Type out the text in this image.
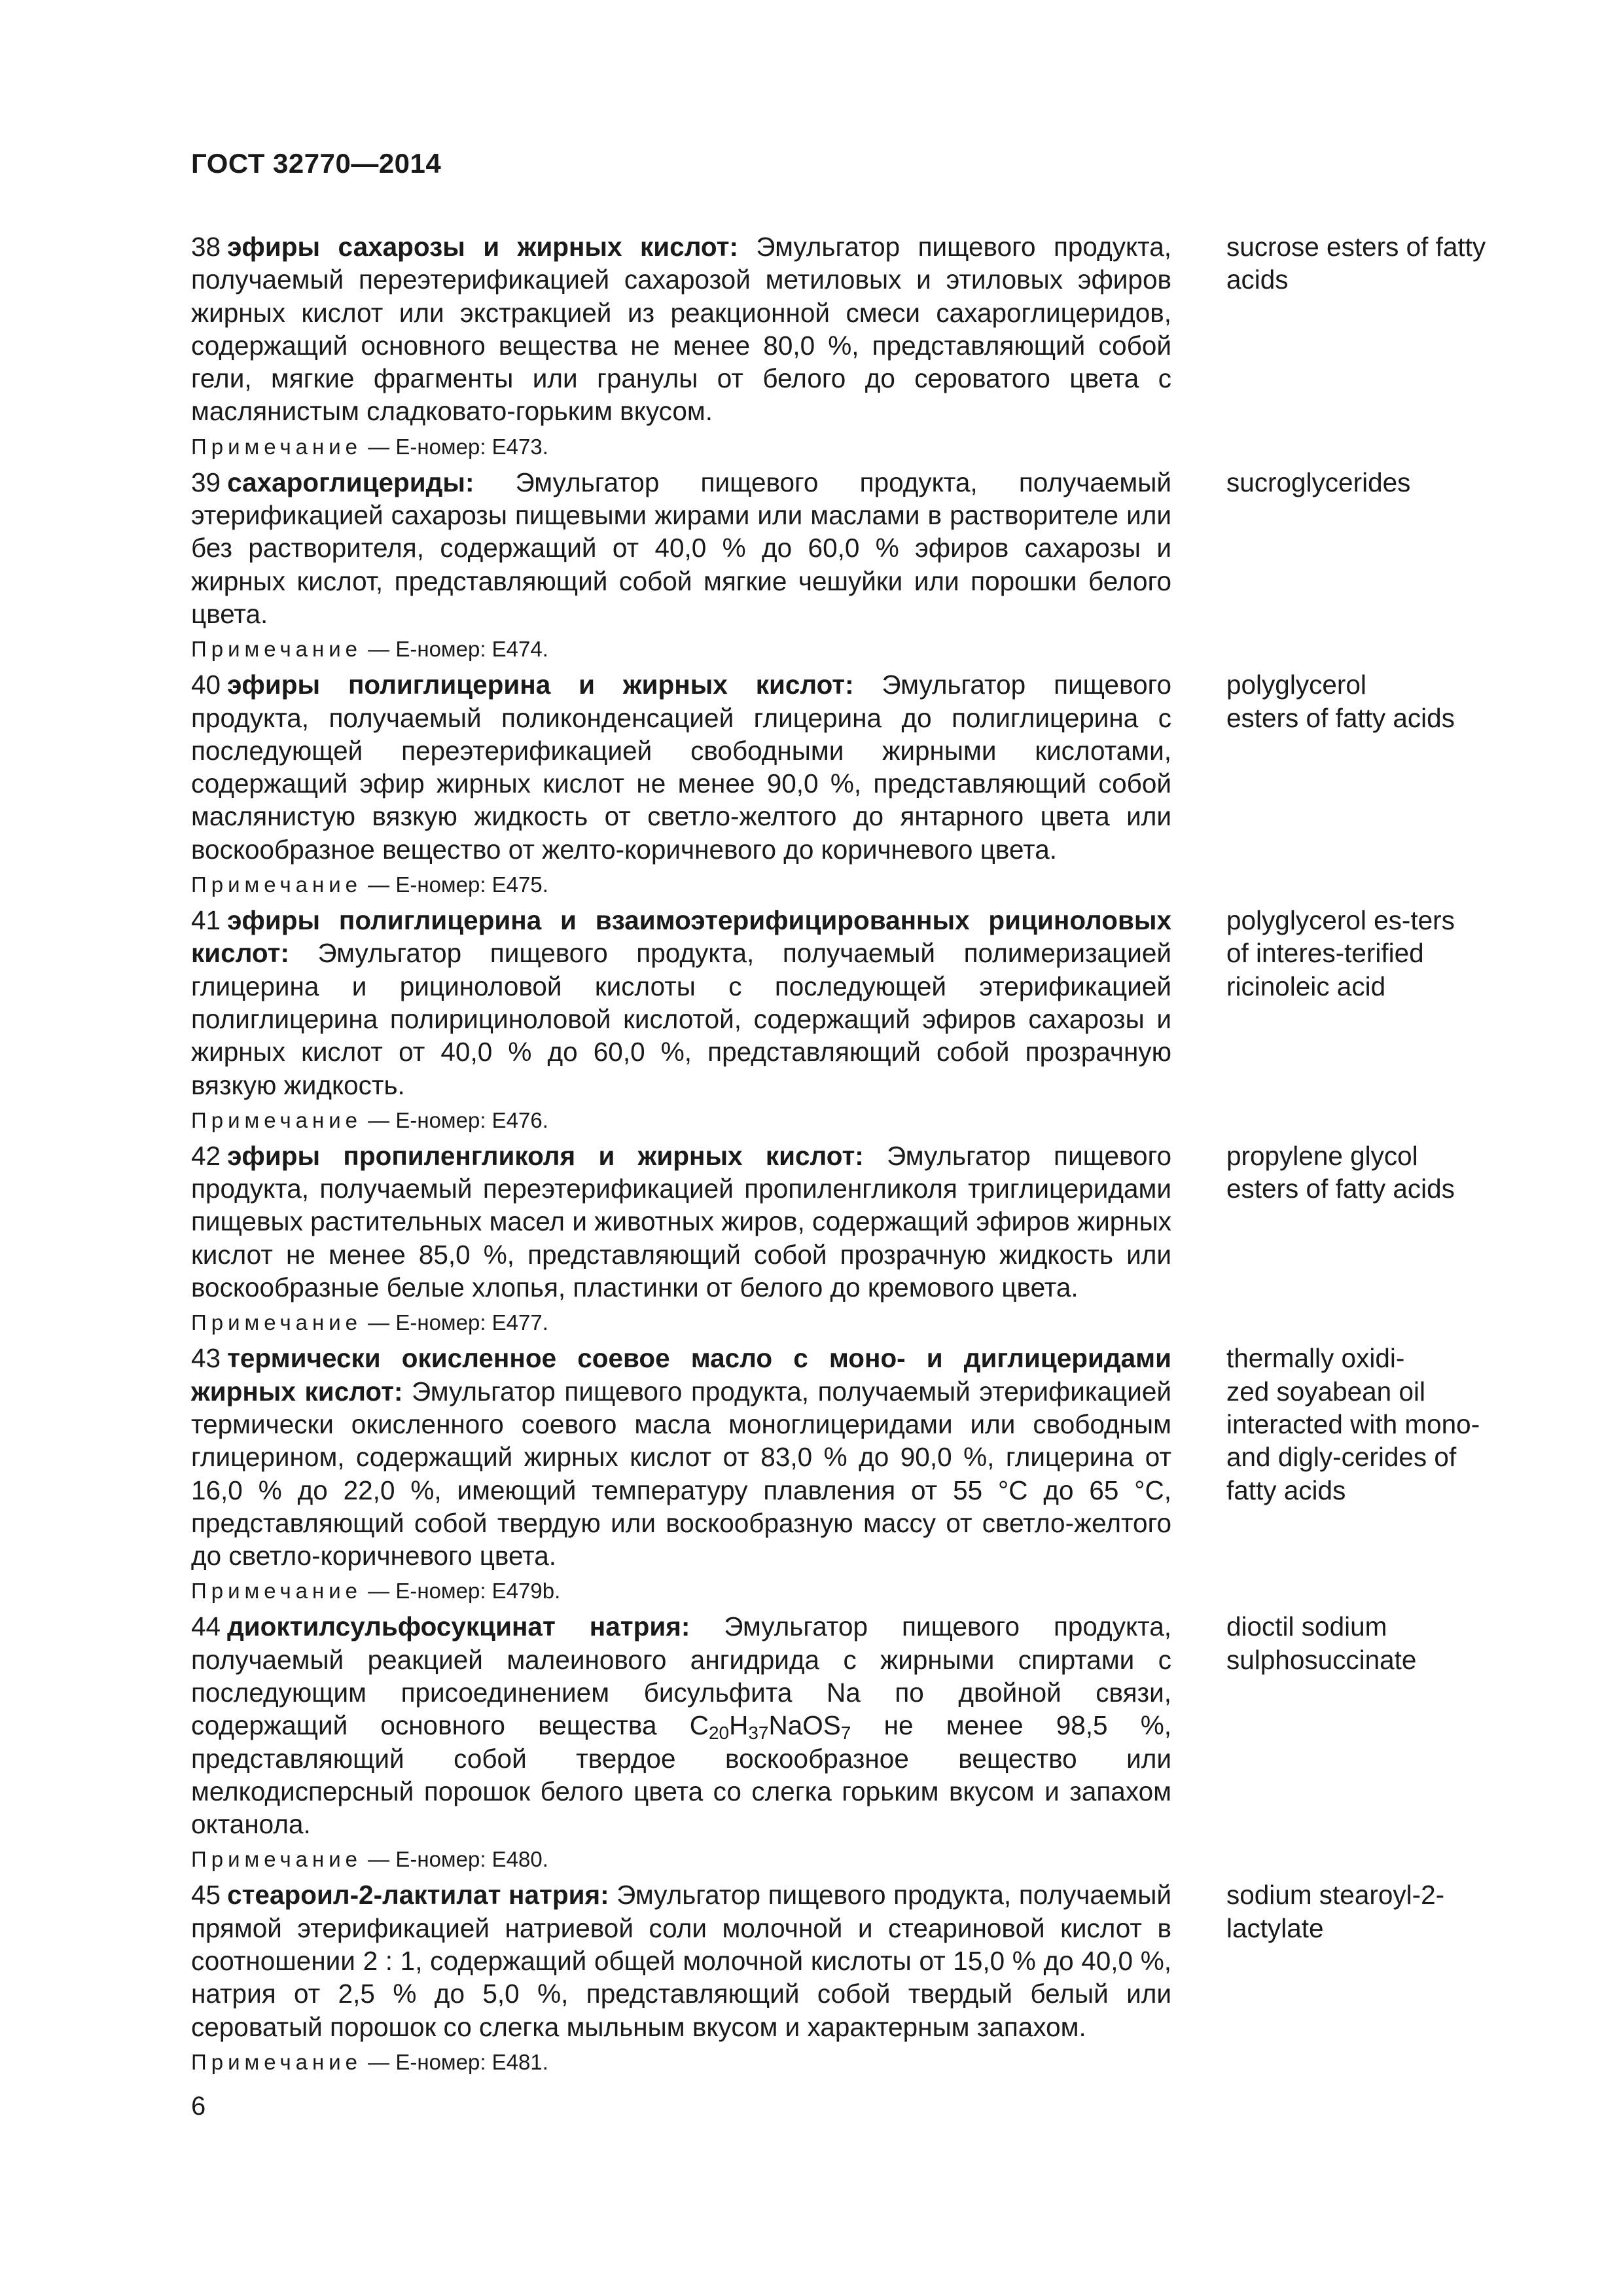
ГОСТ 32770—2014

38 эфиры сахарозы и жирных кислот: Эмульгатор пищевого продукта, получаемый переэтерификацией сахарозой метиловых и этиловых эфиров жирных кислот или экстракцией из реакционной смеси сахароглицеридов, содержащий основного вещества не менее 80,0 %, представляющий собой гели, мягкие фрагменты или гранулы от белого до сероватого цвета с маслянистым сладковато-горьким вкусом.

Примечание — Е-номер: Е473.
sucrose esters of fatty
acids

39 сахароглицериды: Эмульгатор пищевого продукта, получаемый этерификацией сахарозы пищевыми жирами или маслами в растворителе или без растворителя, содержащий от 40,0 % до 60,0 % эфиров сахарозы и жирных кислот, представляющий собой мягкие чешуйки или порошки белого цвета.

Примечание — Е-номер: Е474.
sucroglycerides

40 эфиры полиглицерина и жирных кислот: Эмульгатор пищевого продукта, получаемый поликонденсацией глицерина до полиглицерина с последующей переэтерификацией свободными жирными кислотами, содержащий эфир жирных кислот не менее 90,0 %, представляющий собой маслянистую вязкую жидкость от светло-желтого до янтарного цвета или воскообразное вещество от желто-коричневого до коричневого цвета.

Примечание — Е-номер: Е475.
polyglycerol
esters of fatty acids

41 эфиры полиглицерина и взаимоэтерифицированных рициноловых кислот: Эмульгатор пищевого продукта, получаемый полимеризацией глицерина и рициноловой кислоты с последующей этерификацией полиглицерина полирициноловой кислотой, содержащий эфиров сахарозы и жирных кислот от 40,0 % до 60,0 %, представляющий собой прозрачную вязкую жидкость.

Примечание — Е-номер: Е476.
polyglycerol es-ters
of interes-terified
ricinoleic acid

42 эфиры пропиленгликоля и жирных кислот: Эмульгатор пищевого продукта, получаемый переэтерификацией пропиленгликоля триглицеридами пищевых растительных масел и животных жиров, содержащий эфиров жирных кислот не менее 85,0 %, представляющий собой прозрачную жидкость или воскообразные белые хлопья, пластинки от белого до кремового цвета.

Примечание — Е-номер: Е477.
propylene glycol
esters of fatty acids

43 термически окисленное соевое масло с моно- и диглицеридами жирных кислот: Эмульгатор пищевого продукта, получаемый этерификацией термически окисленного соевого масла моноглицеридами или свободным глицерином, содержащий жирных кислот от 83,0 % до 90,0 %, глицерина от 16,0 % до 22,0 %, имеющий температуру плавления от 55 °С до 65 °С, представляющий собой твердую или воскообразную массу от светло-желтого до светло-коричневого цвета.

Примечание — Е-номер: Е479b.
thermally oxidi-
zed soyabean oil
interacted with mono-
and digly-cerides of
fatty acids

44 диоктилсульфосукцинат натрия: Эмульгатор пищевого продукта, получаемый реакцией малеинового ангидрида с жирными спиртами с последующим присоединением бисульфита Na по двойной связи, содержащий основного вещества $C_{20}H_{37}NaOS_7$ не менее 98,5 %, представляющий собой твердое воскообразное вещество или мелкодисперсный порошок белого цвета со слегка горьким вкусом и запахом октанола.

Примечание — Е-номер: Е480.
dioctil sodium
sulphosuccinate

45 стеароил-2-лактилат натрия: Эмульгатор пищевого продукта, получаемый прямой этерификацией натриевой соли молочной и стеариновой кислот в соотношении 2 : 1, содержащий общей молочной кислоты от 15,0 % до 40,0 %, натрия от 2,5 % до 5,0 %, представляющий собой твердый белый или сероватый порошок со слегка мыльным вкусом и характерным запахом.

Примечание — Е-номер: Е481.
sodium stearoyl-2-
lactylate
6
